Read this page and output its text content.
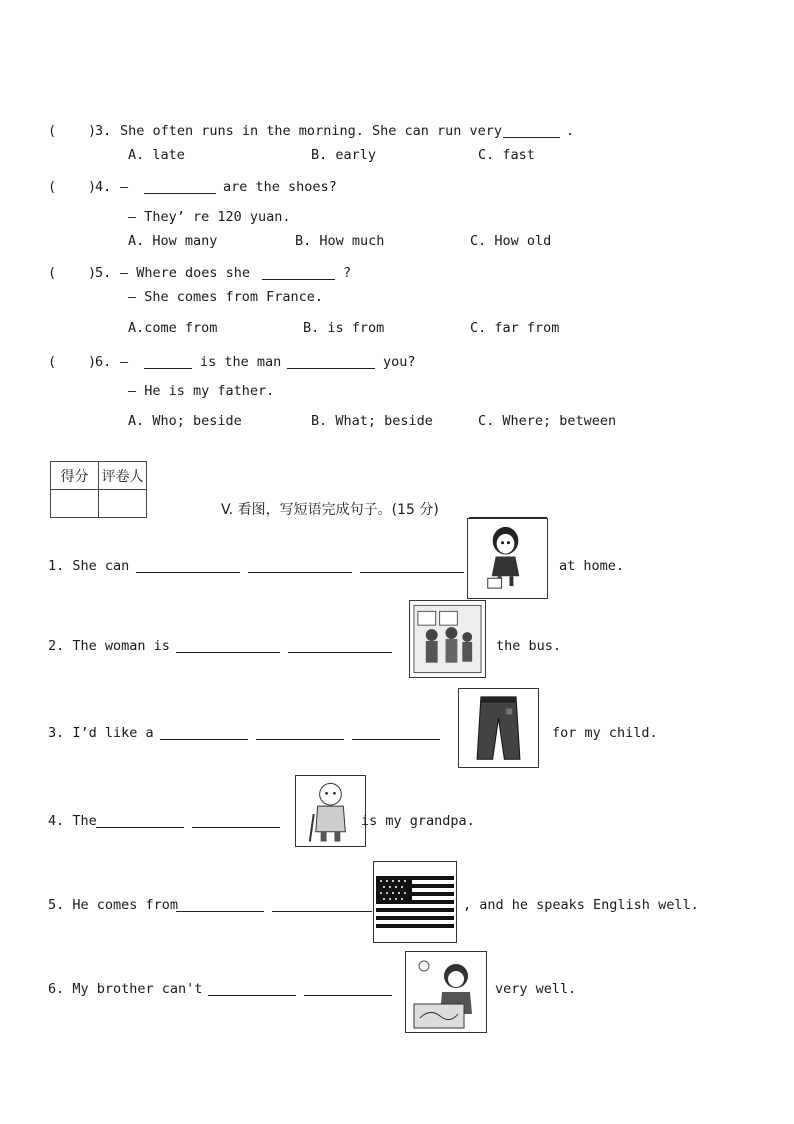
( )
3. She often runs in the morning. She can run very	.
A. late	B. early	C. fast
( )
4. —	are the shoes?
— They’ re 120 yuan.
A. How many	B. How much	C. How old
( )
5. — Where does she	?
— She comes from France.
A.come from	B. is from	C. far from
( )
6. —	is the man	you?
— He is my father.
A. Who; beside	B. What; beside	C. Where; between
得分	评卷人

V. 看图，写短语完成句子。(15 分)
1. She can	at home.
2. The woman is	the bus.
3. I’d like a	for my child.
4. The	is my grandpa.
5. He comes from	, and he speaks English well.
6. My brother can't	very well.
